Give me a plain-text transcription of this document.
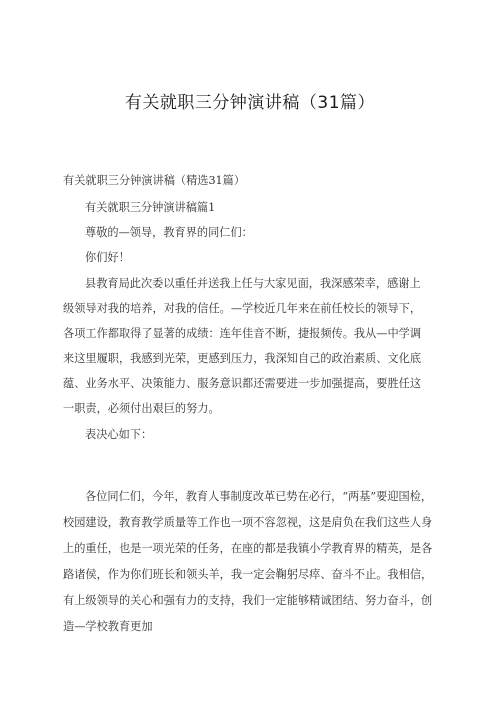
有关就职三分钟演讲稿（31篇）
有关就职三分钟演讲稿（精选31篇）
有关就职三分钟演讲稿篇1
尊敬的—领导，教育界的同仁们：
你们好！
县教育局此次委以重任并送我上任与大家见面，我深感荣幸，感谢上
级领导对我的培养，对我的信任。—学校近几年来在前任校长的领导下，
各项工作都取得了显著的成绩：连年佳音不断，捷报频传。我从—中学调
来这里履职，我感到光荣，更感到压力，我深知自己的政治素质、文化底
蕴、业务水平、决策能力、服务意识都还需要进一步加强提高，要胜任这
一职责，必须付出艰巨的努力。
表决心如下：
各位同仁们，今年，教育人事制度改革已势在必行，“两基”要迎国检，
校园建设，教育教学质量等工作也一项不容忽视，这是肩负在我们这些人身
上的重任，也是一项光荣的任务，在座的都是我镇小学教育界的精英，是各
路诸侯，作为你们班长和领头羊，我一定会鞠躬尽瘁、奋斗不止。我相信，
有上级领导的关心和强有力的支持，我们一定能够精诚团结、努力奋斗，创
造—学校教育更加
